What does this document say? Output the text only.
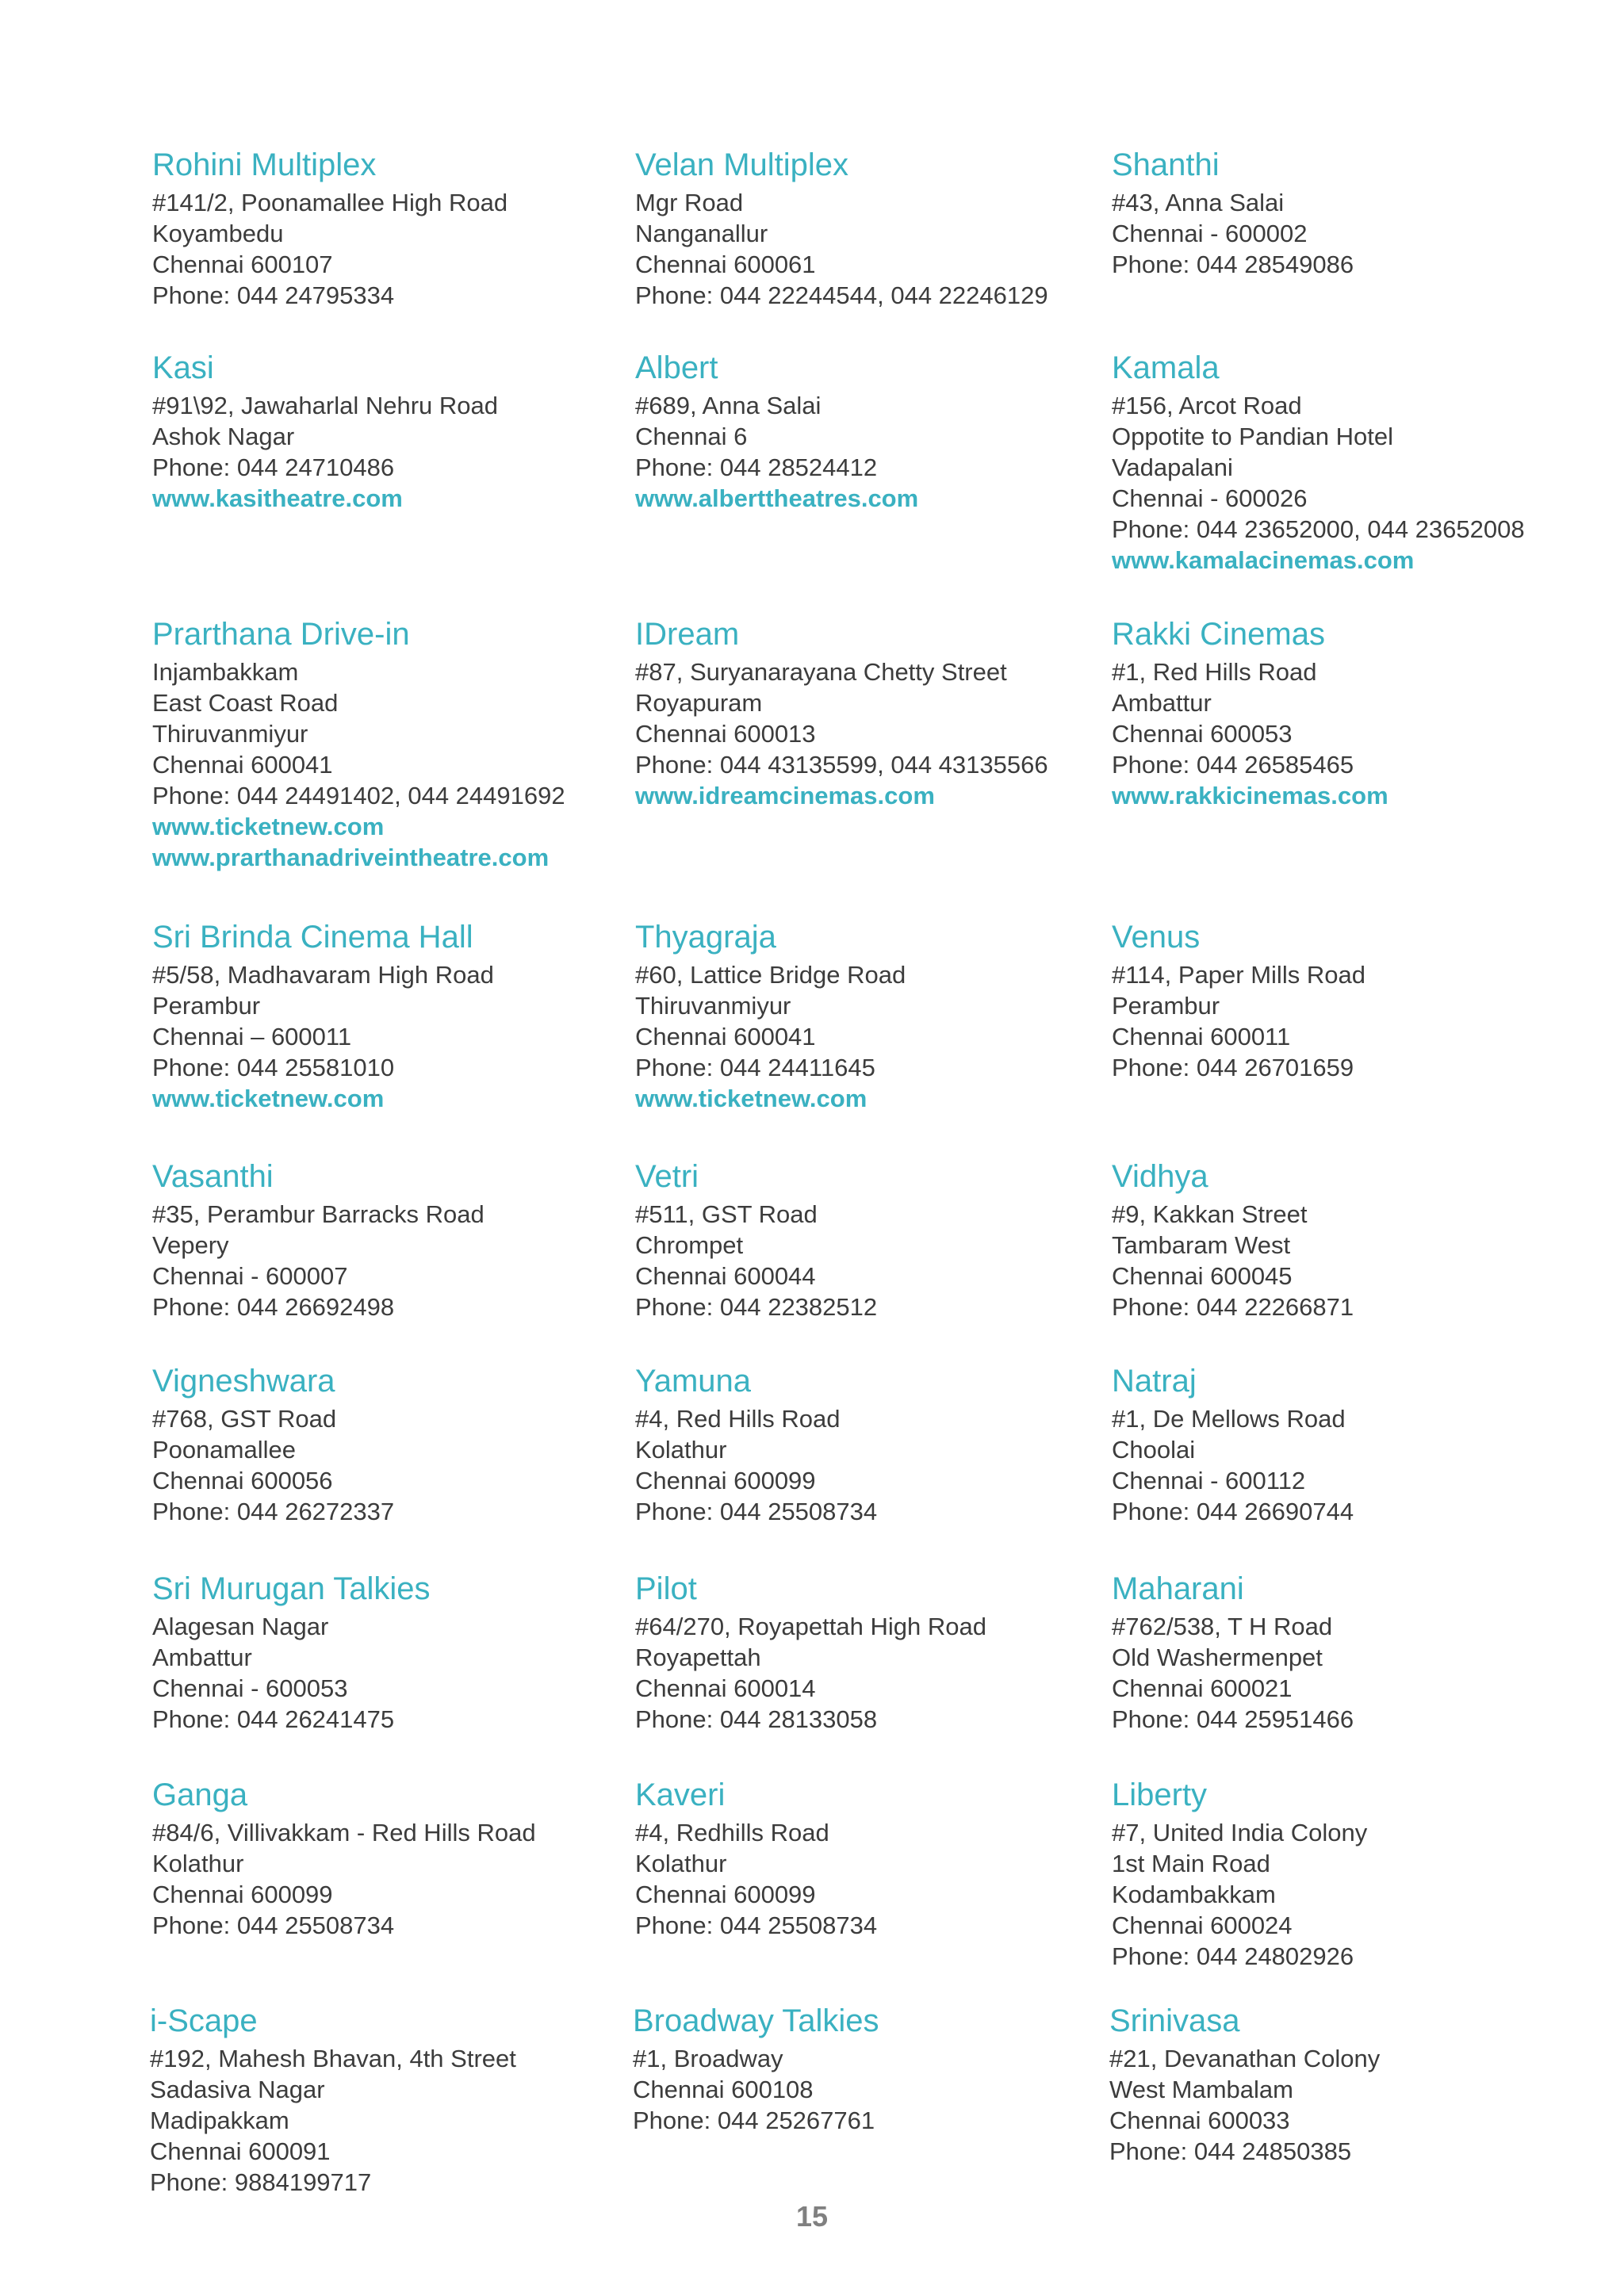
Rohini Multiplex
#141/2, Poonamallee High Road
Koyambedu
Chennai 600107
Phone: 044 24795334
Velan Multiplex
Mgr Road
Nanganallur
Chennai 600061
Phone: 044 22244544, 044 22246129
Shanthi
#43, Anna Salai
Chennai - 600002
Phone: 044 28549086
Kasi
#91\92, Jawaharlal Nehru Road
Ashok Nagar
Phone: 044 24710486
www.kasitheatre.com
Albert
#689, Anna Salai
Chennai 6
Phone: 044 28524412
www.alberttheatres.com
Kamala
#156, Arcot Road
Oppotite to Pandian Hotel
Vadapalani
Chennai - 600026
Phone: 044 23652000, 044 23652008
www.kamalacinemas.com
Prarthana Drive-in
Injambakkam
East Coast Road
Thiruvanmiyur
Chennai 600041
Phone: 044 24491402, 044 24491692
www.ticketnew.com
www.prarthanadriveintheatre.com
IDream
#87, Suryanarayana Chetty Street
Royapuram
Chennai 600013
Phone: 044 43135599, 044 43135566
www.idreamcinemas.com
Rakki Cinemas
#1, Red Hills Road
Ambattur
Chennai 600053
Phone: 044 26585465
www.rakkicinemas.com
Sri Brinda Cinema Hall
#5/58, Madhavaram High Road
Perambur
Chennai – 600011
Phone: 044 25581010
www.ticketnew.com
Thyagraja
#60, Lattice Bridge Road
Thiruvanmiyur
Chennai 600041
Phone: 044 24411645
www.ticketnew.com
Venus
#114, Paper Mills Road
Perambur
Chennai 600011
Phone: 044 26701659
Vasanthi
#35, Perambur Barracks Road
Vepery
Chennai - 600007
Phone: 044 26692498
Vetri
#511, GST Road
Chrompet
Chennai 600044
Phone: 044 22382512
Vidhya
#9, Kakkan Street
Tambaram West
Chennai 600045
Phone: 044 22266871
Vigneshwara
#768, GST Road
Poonamallee
Chennai 600056
Phone: 044 26272337
Yamuna
#4, Red Hills Road
Kolathur
Chennai 600099
Phone: 044 25508734
Natraj
#1, De Mellows Road
Choolai
Chennai - 600112
Phone: 044 26690744
Sri Murugan Talkies
Alagesan Nagar
Ambattur
Chennai - 600053
Phone: 044 26241475
Pilot
#64/270, Royapettah High Road
Royapettah
Chennai 600014
Phone: 044 28133058
Maharani
#762/538, T H Road
Old Washermenpet
Chennai 600021
Phone: 044 25951466
Ganga
#84/6, Villivakkam - Red Hills Road
Kolathur
Chennai 600099
Phone: 044 25508734
Kaveri
#4, Redhills Road
Kolathur
Chennai 600099
Phone: 044 25508734
Liberty
#7, United India Colony
1st Main Road
Kodambakkam
Chennai 600024
Phone: 044 24802926
i-Scape
#192, Mahesh Bhavan, 4th Street
Sadasiva Nagar
Madipakkam
Chennai 600091
Phone: 9884199717
Broadway Talkies
#1, Broadway
Chennai 600108
Phone: 044 25267761
Srinivasa
#21, Devanathan Colony
West Mambalam
Chennai 600033
Phone: 044 24850385
15
